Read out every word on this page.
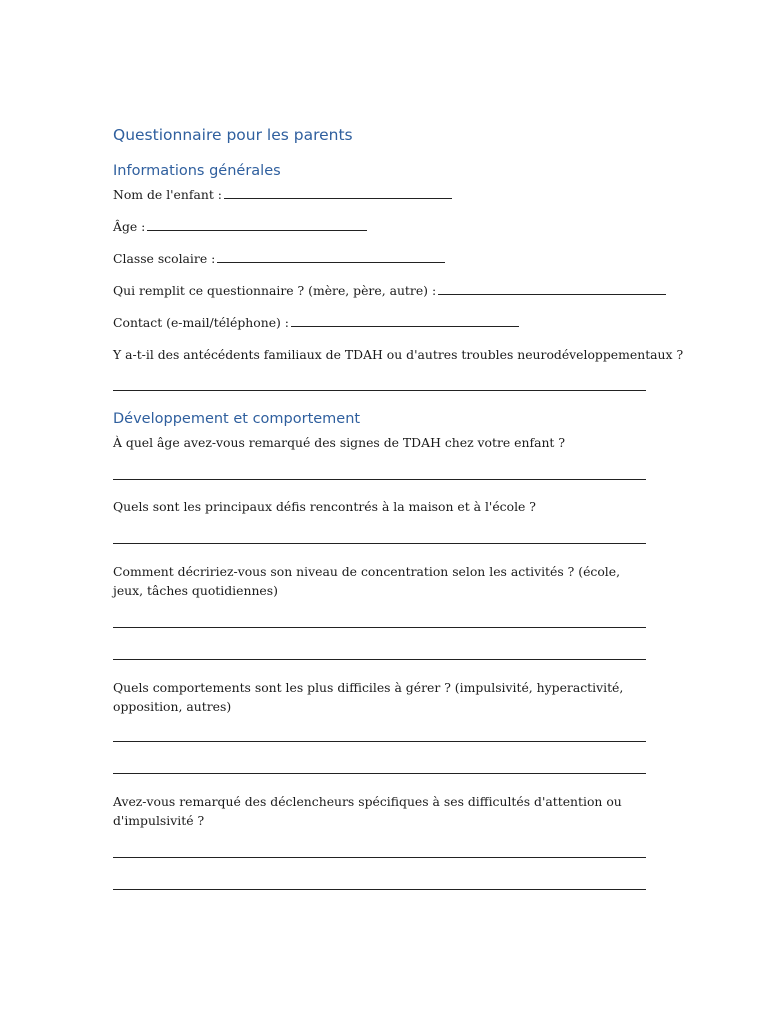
Questionnaire pour les parents
Informations générales
Nom de l'enfant :
Âge :
Classe scolaire :
Qui remplit ce questionnaire ? (mère, père, autre) :
Contact (e-mail/téléphone) :
Y a-t-il des antécédents familiaux de TDAH ou d'autres troubles neurodéveloppementaux ?
Développement et comportement
À quel âge avez-vous remarqué des signes de TDAH chez votre enfant ?
Quels sont les principaux défis rencontrés à la maison et à l'école ?
Comment décririez-vous son niveau de concentration selon les activités ? (école, jeux, tâches quotidiennes)
Quels comportements sont les plus difficiles à gérer ? (impulsivité, hyperactivité, opposition, autres)
Avez-vous remarqué des déclencheurs spécifiques à ses difficultés d'attention ou d'impulsivité ?
